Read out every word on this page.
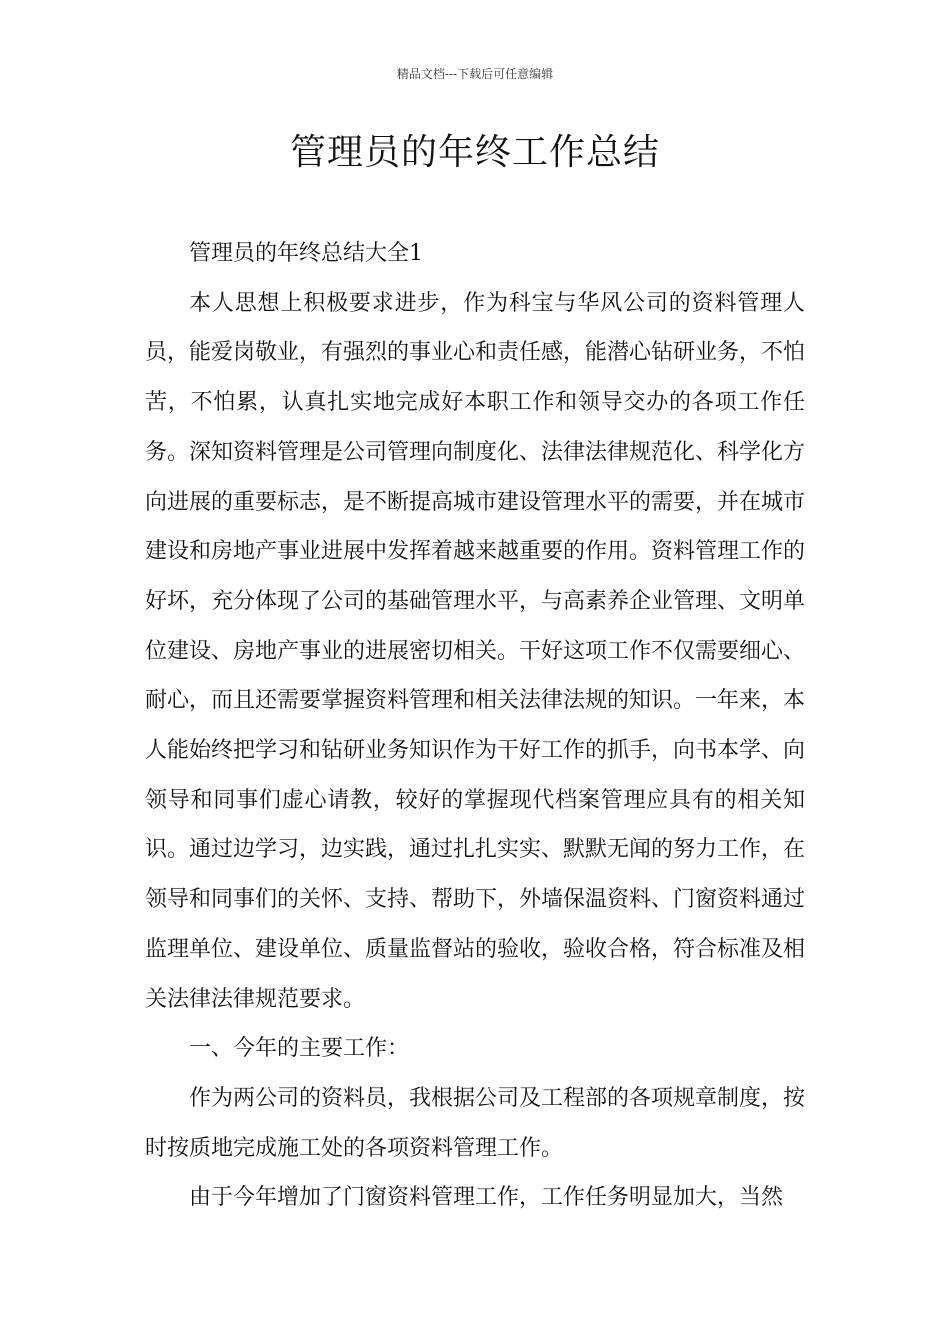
精品文档---下载后可任意编辑
管理员的年终工作总结

管理员的年终总结大全1

本人思想上积极要求进步，作为科宝与华风公司的资料管理人员，能爱岗敬业，有强烈的事业心和责任感，能潜心钻研业务，不怕苦，不怕累，认真扎实地完成好本职工作和领导交办的各项工作任务。深知资料管理是公司管理向制度化、法律法律规范化、科学化方向进展的重要标志，是不断提高城市建设管理水平的需要，并在城市建设和房地产事业进展中发挥着越来越重要的作用。资料管理工作的好坏，充分体现了公司的基础管理水平，与高素养企业管理、文明单位建设、房地产事业的进展密切相关。干好这项工作不仅需要细心、耐心，而且还需要掌握资料管理和相关法律法规的知识。一年来，本人能始终把学习和钻研业务知识作为干好工作的抓手，向书本学、向领导和同事们虚心请教，较好的掌握现代档案管理应具有的相关知识。通过边学习，边实践，通过扎扎实实、默默无闻的努力工作，在领导和同事们的关怀、支持、帮助下，外墙保温资料、门窗资料通过监理单位、建设单位、质量监督站的验收，验收合格，符合标准及相关法律法律规范要求。

一、今年的主要工作：

作为两公司的资料员，我根据公司及工程部的各项规章制度，按时按质地完成施工处的各项资料管理工作。

由于今年增加了门窗资料管理工作，工作任务明显加大，当然
